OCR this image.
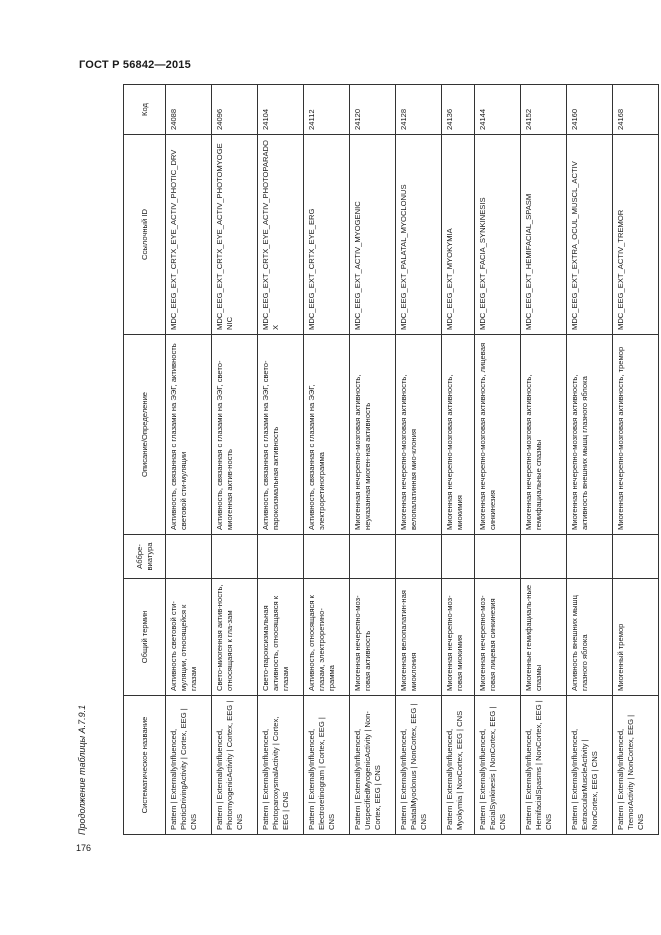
ГОСТ Р 56842—2015
176
Продолжение таблицы А.7.9.1	Систематическое название	Общий термин	Аббре-виатура	Описание/Определение	Ссылочный ID	Код
Pattern | ExternallyInfluenced, PhoticDrivingActivity | Cortex, EEG | CNS	Активность световой сти-муляции, относящейся к глазам		Активность, связанная с глазами на ЭЭГ, активность световой сти-муляции	MDC_EEG_EXT_CRTX_EYE_ACTIV_PHOTIC_DRV	24088
Pattern | ExternallyInfluenced, PhotomyogenicActivity | Cortex, EEG | CNS	Свето-миогенная актив-ность, относящаяся к гла-зам		Активность, связанная с глазами на ЭЭГ, свето-миогенная актив-ность	MDC_EEG_EXT_CRTX_EYE_ACTIV_PHOTOMYOGENIC	24096
Pattern | ExternallyInfluenced, PhotoparoxysmalActivity | Cortex, EEG | CNS	Свето-пароксизмальная активность, относящаяся к глазам		Активность, связанная с глазами на ЭЭГ, свето-пароксизмальная активность	MDC_EEG_EXT_CRTX_EYE_ACTIV_PHOTOPARADOX	24104
Pattern | ExternallyInfluenced, Electroretinogram | Cortex, EEG | CNS	Активность, относящаяся к глазам, электроретино-грамма		Активность, связанная с глазами на ЭЭГ, электроретинограмма	MDC_EEG_EXT_CRTX_EYE_ERG	24112
Pattern | ExternallyInfluenced, UnspecifiedMyogenicActivity | Non-Cortex, EEG | CNS	Миогенная нечерепно-моз-говая активность		Миогенная нечерепно-мозговая активность, неуказанная миоген-ная активность	MDC_EEG_EXT_ACTIV_MYOGENIC	24120
Pattern | ExternallyInfluenced, PalatalMyoclonus | NonCortex, EEG | CNS	Миогенная велопалатин-ная миоклония		Миогенная нечерепно-мозговая активность, велопалатинная мио-клония	MDC_EEG_EXT_PALATAL_MYOCLONUS	24128
Pattern | ExternallyInfluenced, Myokymia | NonCortex, EEG | CNS	Миогенная нечерепно-моз-говая миокимия		Миогенная нечерепно-мозговая активность, миокимия	MDC_EEG_EXT_MYOKYMIA	24136
Pattern | ExternallyInfluenced, FacialSynkinesis | NonCortex, EEG | CNS	Миогенная нечерепно-моз-говая лицевая синкинезия		Миогенная нечерепно-мозговая активность, лицевая синкинезия	MDC_EEG_EXT_FACIA_SYNKINESIS	24144
Pattern | ExternallyInfluenced, HemifacialSpasms | NonCortex, EEG | CNS	Миогенные гемифациаль-ные спазмы		Миогенная нечерепно-мозговая активность, гемифациальные спазмы	MDC_EEG_EXT_HEMIFACIAL_SPASM	24152
Pattern | ExternallyInfluenced, ExtraocularMuscleActivity | NonCortex, EEG | CNS	Активность внешних мышц глазного яблока		Миогенная нечерепно-мозговая активность, активность внешних мышц глазного яблока	MDC_EEG_EXT_EXTRA_OCUL_MUSCL_ACTIV	24160
Pattern | ExternallyInfluenced, TremorActivity | NonCortex, EEG | CNS	Миогенный тремор		Миогенная нечерепно-мозговая активность, тремор	MDC_EEG_EXT_ACTIV_TREMOR	24168
